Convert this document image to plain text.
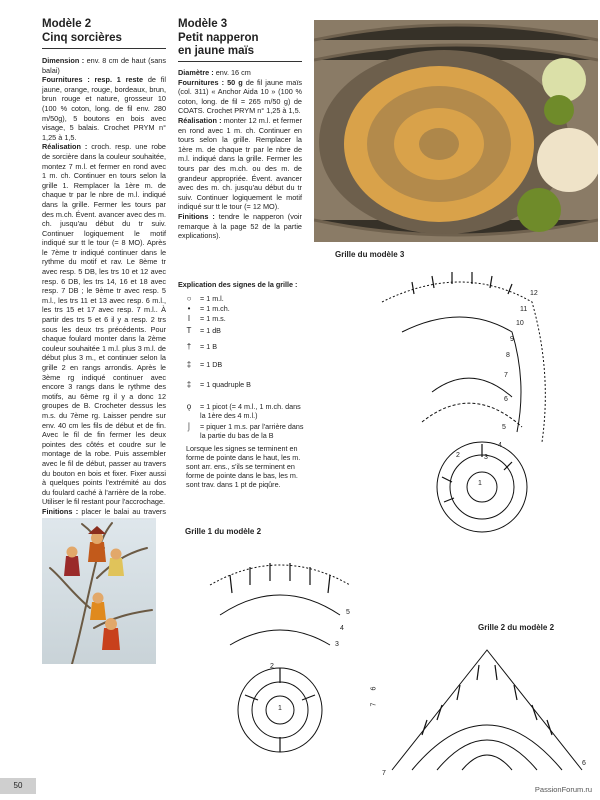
Modèle 2
Cinq sorcières

Dimension : env. 8 cm de haut (sans balai)

Fournitures : resp. 1 reste de fil jaune, orange, rouge, bordeaux, brun, brun rouge et nature, grosseur 10 (100 % coton, long. de fil env. 280 m/50g), 5 boutons en bois avec visage, 5 balais. Crochet PRYM n° 1,25 à 1,5.

Réalisation : croch. resp. une robe de sorcière dans la couleur souhaitée, montez 7 m.l. et fermer en rond avec 1 m. ch. Continuer en tours selon la grille 1. Remplacer la 1ère m. de chaque tr par le nbre de m.l. indiqué dans la grille. Fermer les tours par des m.ch. Évent. avancer avec des m. ch. jusqu'au début du tr suiv. Continuer logiquement le motif indiqué sur tt le tour (= 8 MO). Après le 7ème tr indiqué continuer dans le rythme du motif et rav. Le 8ème tr avec resp. 5 DB, les trs 10 et 12 avec resp. 6 DB, les trs 14, 16 et 18 avec resp. 7 DB ; le 9ème tr avec resp. 5 m.l., les trs 11 et 13 avec resp. 6 m.l., les trs 15 et 17 avec resp. 7 m.l.. À partir des trs 5 et 6 il y a resp. 2 trs sous les deux trs précédents. Pour chaque foulard monter dans la 2ème couleur souhaitée 1 m.l. plus 3 m.l. de début plus 3 m., et continuer selon la grille 2 en rangs arrondis. Après le 3ème rg indiqué continuer avec encore 3 rangs dans le rythme des motifs, au 6ème rg il y a donc 12 groupes de B. Crocheter dessus les m.s. du 7ème rg. Laisser pendre sur env. 40 cm les fils de début et de fin. Avec le fil de fin fermer les deux pointes des côtés et coudre sur le montage de la robe. Puis assembler avec le fil de début, passer au travers du bouton en bois et fixer. Fixer aussi à quelques points l'extrémité au dos du foulard caché à l'arrière de la robe. Utiliser le fil restant pour l'accrochage.

Finitions : placer le balai au travers

Modèle 3
Petit napperon
en jaune maïs

Diamètre : env. 16 cm

Fournitures : 50 g de fil jaune maïs (col. 311) « Anchor Aida 10 » (100 % coton, long. de fil = 265 m/50 g) de COATS. Crochet PRYM n° 1,25 à 1,5.

Réalisation : monter 12 m.l. et fermer en rond avec 1 m. ch. Continuer en tours selon la grille. Remplacer la 1ère m. de chaque tr par le nbre de m.l. indiqué dans la grille. Fermer les tours par des m.ch. ou des m. de grandeur appropriée. Évent. avancer avec des m. ch. jusqu'au début du tr suiv. Continuer logiquement le motif indiqué sur tt le tour (= 12 MO).

Finitions : tendre le napperon (voir remarque à la page 52 de la partie explications).

Explication des signes de la grille :
○	= 1 m.l.
•	= 1 m.ch.
I	= 1 m.s.
T	= 1 dB
†	= 1 B
‡	= 1 DB
‡	= 1 quadruple B
ǫ	= 1 picot (= 4 m.l., 1 m.ch. dans la 1ère des 4 m.l.)
⌡	= piquer 1 m.s. par l'arrière dans la partie du bas de la B
Lorsque les signes se terminent en forme de pointe dans le haut, les m. sont arr. ens., s'ils se terminent en forme de pointe dans le bas, les m. sont trav. dans 1 pt de piqûre.
Grille du modèle 3
12
11
10
9
8
7
6
5
4
3
2
1
Grille 1 du modèle 2
1
2
3
4
5
6
7
Grille 2 du modèle 2
7
6
50	PassionForum.ru
